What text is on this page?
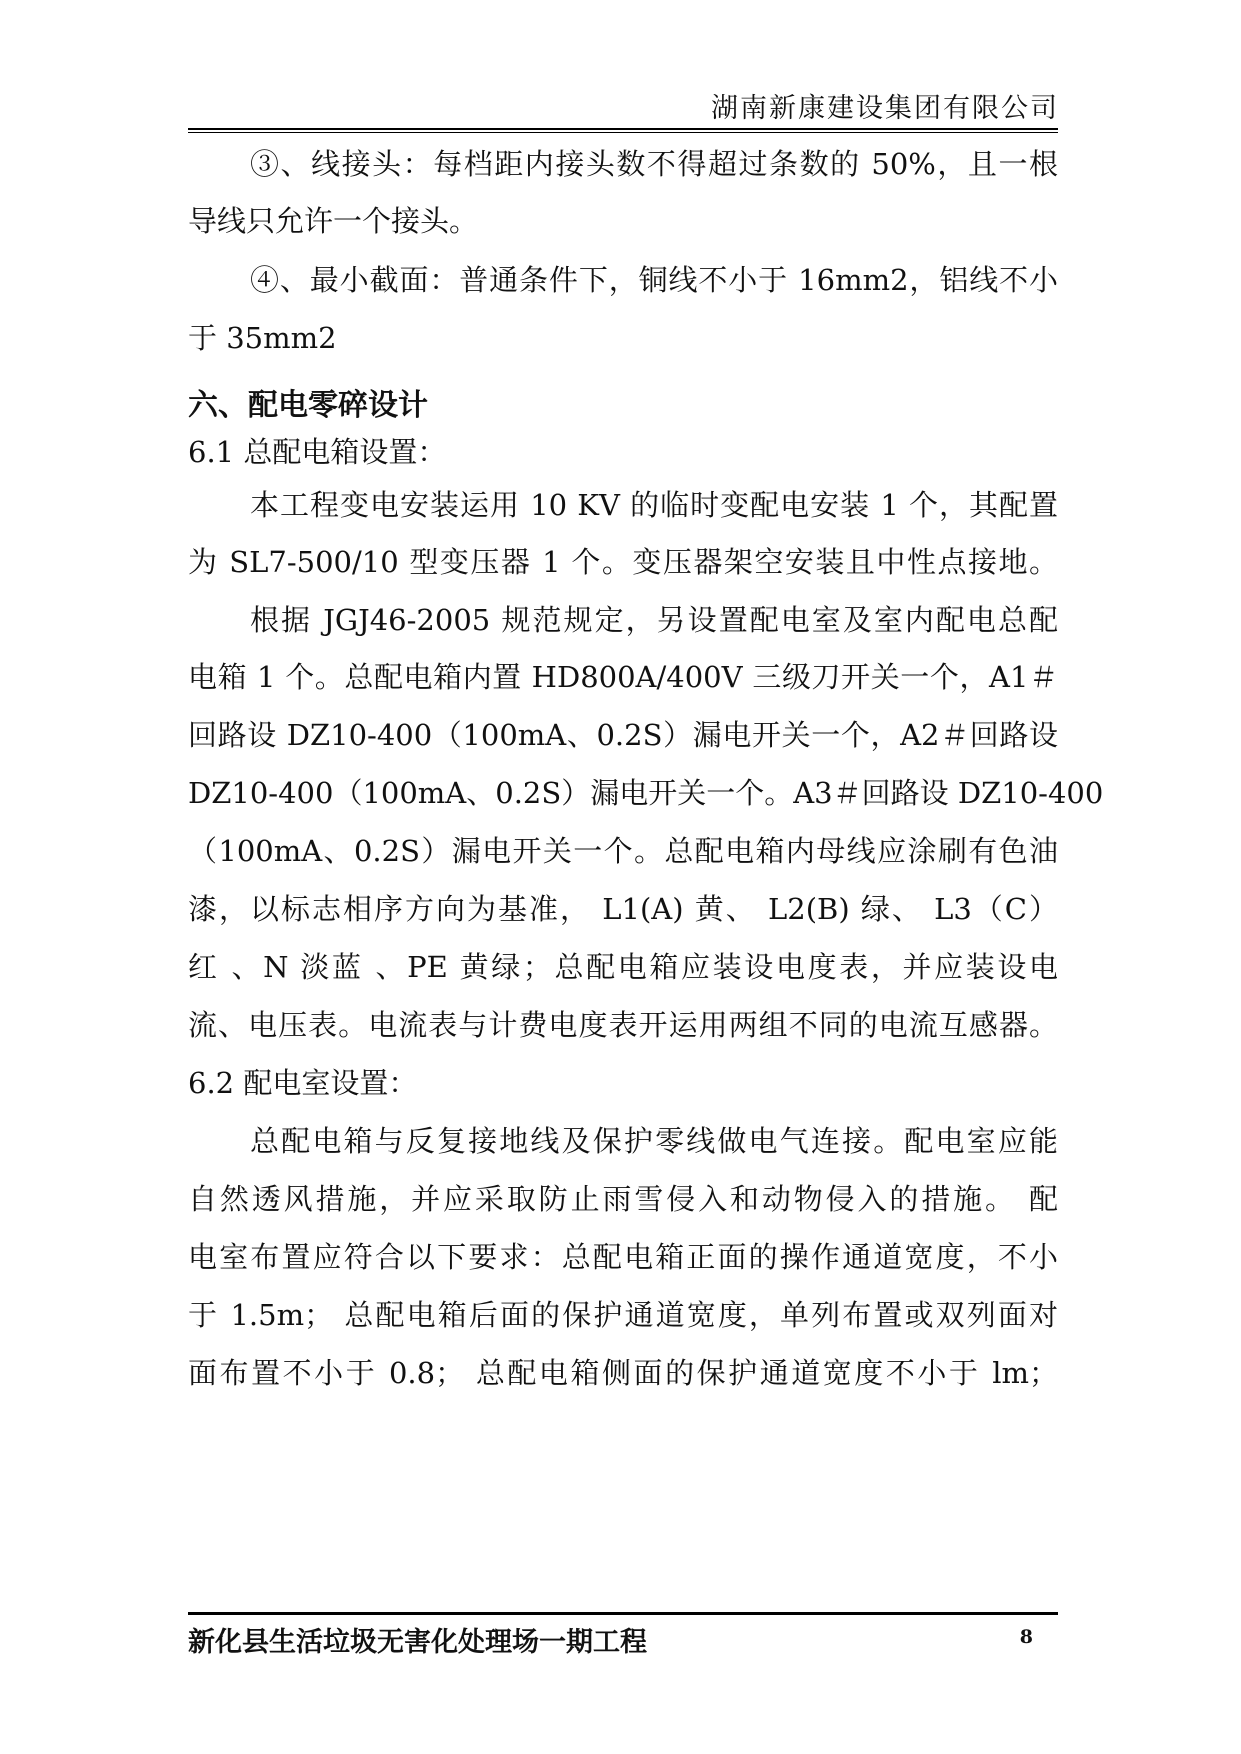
湖南新康建设集团有限公司
③、线接头：每档距内接头数不得超过条数的 50%，且一根
导线只允许一个接头。
④、最小截面：普通条件下，铜线不小于 16mm2，铝线不小
于 35mm2
六、配电零碎设计
6.1 总配电箱设置：
本工程变电安装运用 10 KV 的临时变配电安装 1 个，其配置
为 SL7-500/10 型变压器 1 个。变压器架空安装且中性点接地。
根据 JGJ46-2005 规范规定，另设置配电室及室内配电总配
电箱 1 个。总配电箱内置 HD800A/400V 三级刀开关一个，A1＃
回路设 DZ10-400（100mA、0.2S）漏电开关一个，A2＃回路设
DZ10-400（100mA、0.2S）漏电开关一个。A3＃回路设 DZ10-400
（100mA、0.2S）漏电开关一个。总配电箱内母线应涂刷有色油
漆，以标志相序方向为基准， L1(A) 黄、 L2(B) 绿、 L3（C）
红 、N 淡蓝 、PE 黄绿；总配电箱应装设电度表，并应装设电
流、电压表。电流表与计费电度表开运用两组不同的电流互感器。
6.2 配电室设置：
总配电箱与反复接地线及保护零线做电气连接。配电室应能
自然透风措施，并应采取防止雨雪侵入和动物侵入的措施。 配
电室布置应符合以下要求：总配电箱正面的操作通道宽度，不小
于 1.5m； 总配电箱后面的保护通道宽度，单列布置或双列面对
面布置不小于 0.8； 总配电箱侧面的保护通道宽度不小于 lm；
新化县生活垃圾无害化处理场一期工程	8
